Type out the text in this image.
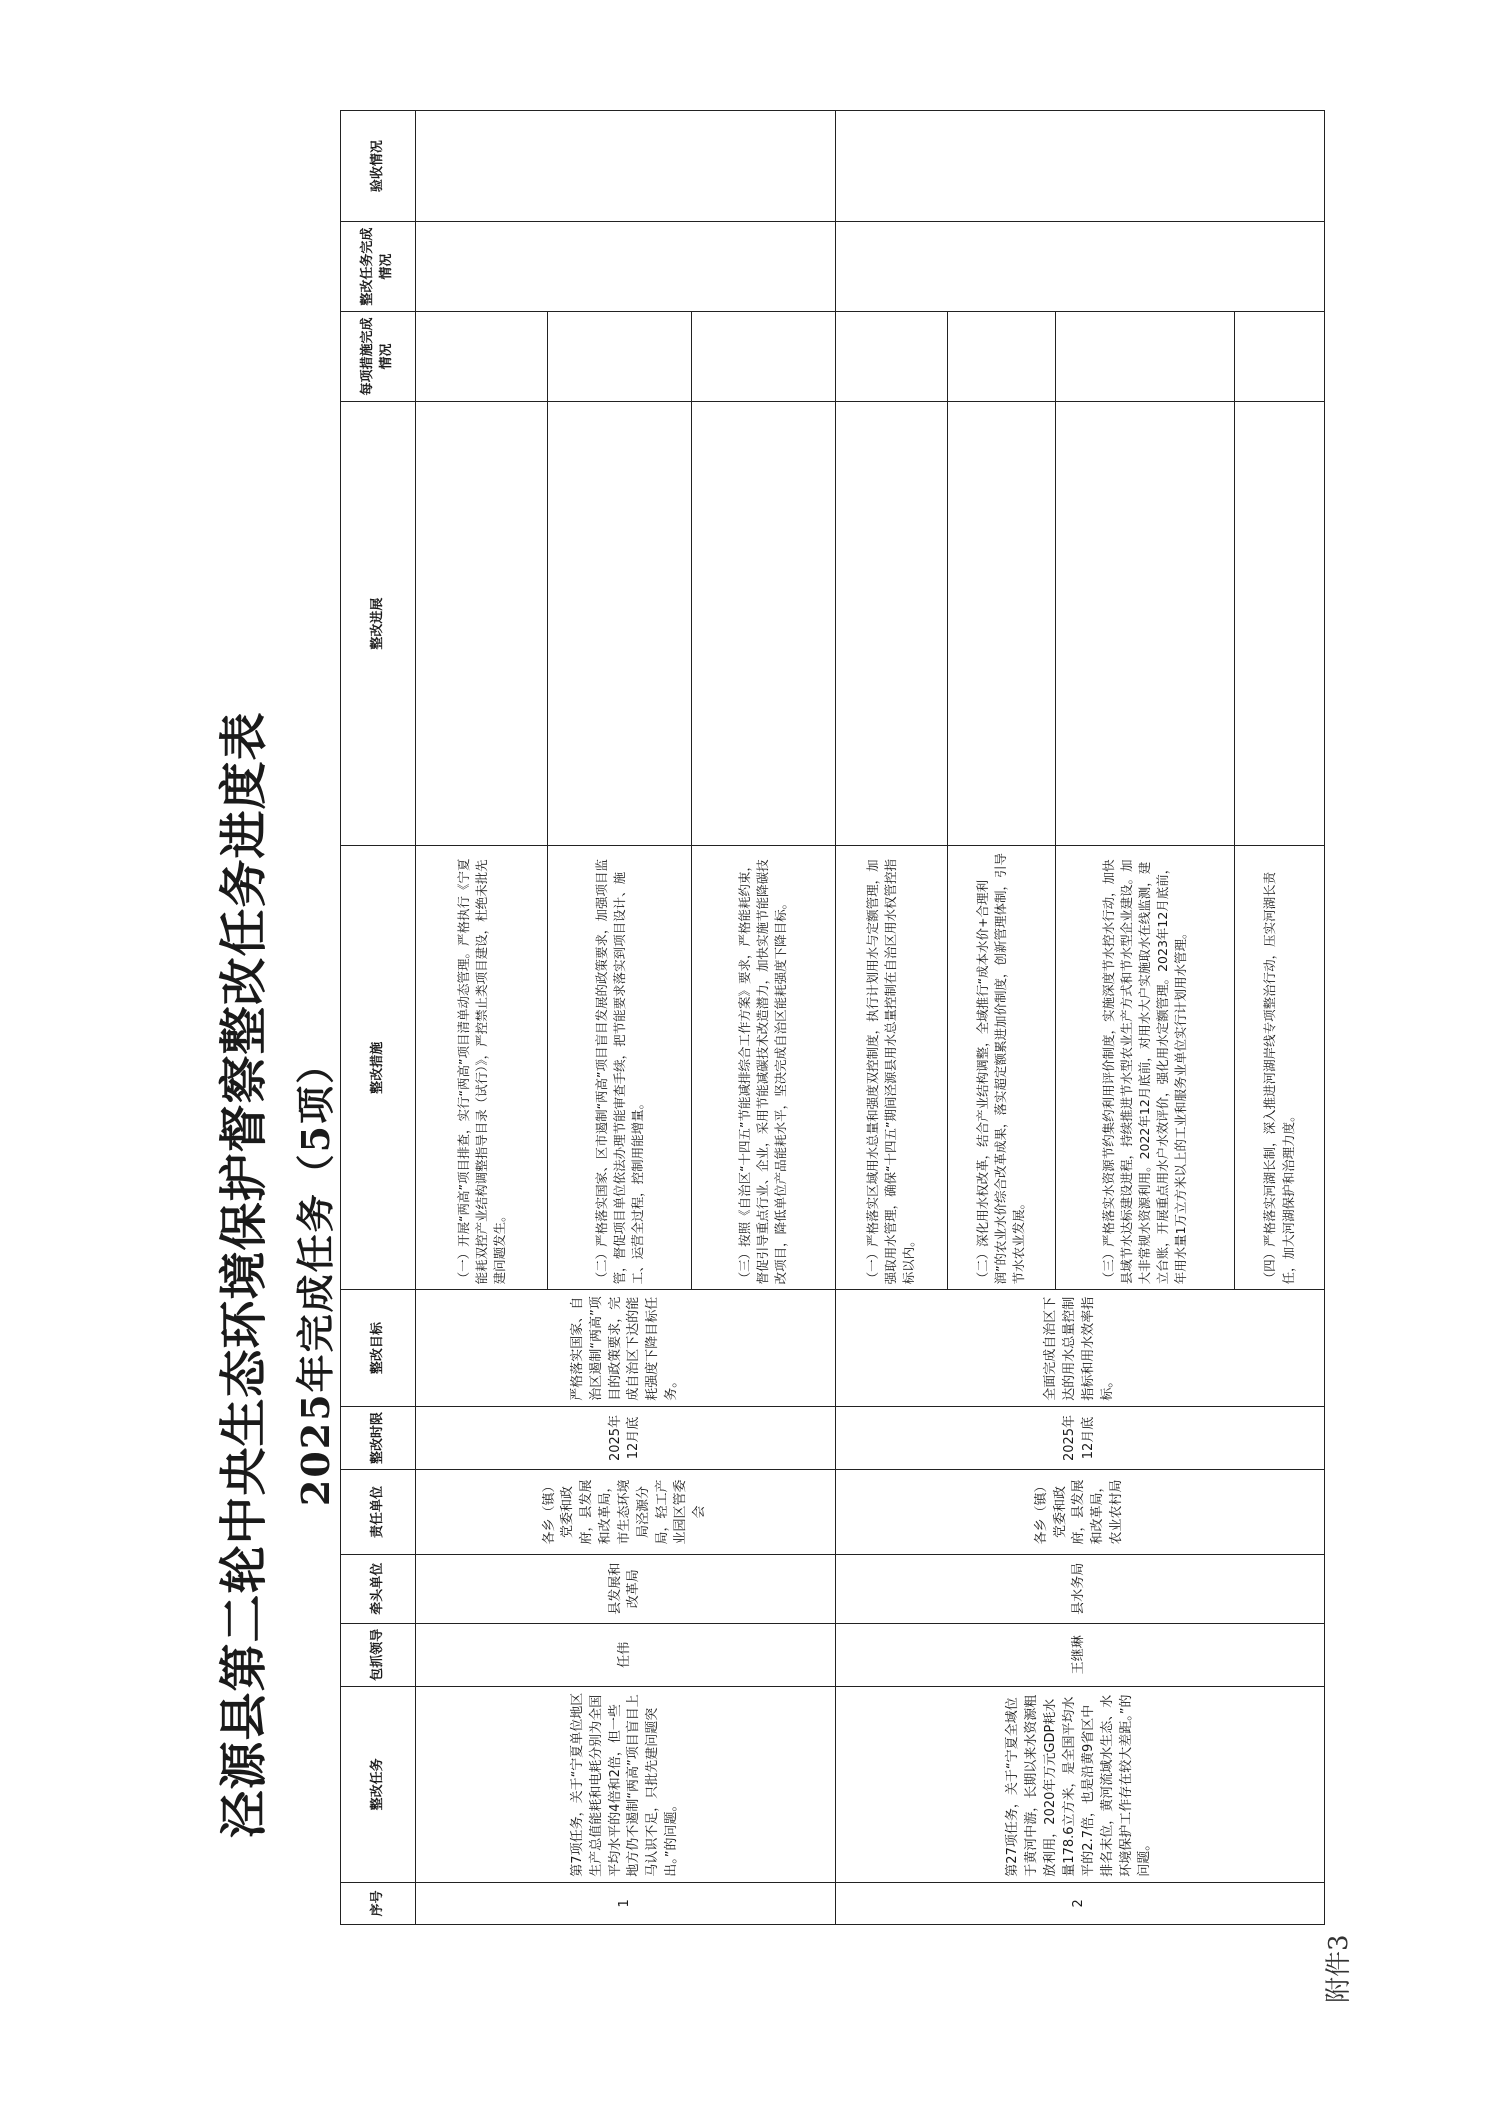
附件3
泾源县第二轮中央生态环境保护督察整改任务进度表 2025年完成任务（5项）
序号	整改任务	包抓领导	牵头单位	责任单位	整改时限	整改目标	整改措施	整改进展	每项措施完成情况	整改任务完成情况	验收情况
1	第7项任务，关于“宁夏单位地区生产总值能耗和电耗分别为全国平均水平的4倍和2倍，但一些地方仍不遏制“两高”项目盲目上马认识不足，只批先建问题突出。”的问题。	任伟	县发展和改革局	各乡（镇）党委和政府，县发展和改革局，市生态环境局泾源分局，轻工产业园区管委会	2025年12月底	严格落实国家、自治区遏制“两高”项目的政策要求，完成自治区下达的能耗强度下降目标任务。	（一）开展“两高”项目排查，实行“两高”项目清单动态管理。严格执行《宁夏能耗双控产业结构调整指导目录（试行）》，严控禁止类项目建设，杜绝未批先建问题发生。				
							（二）严格落实国家、区市遏制“两高”项目盲目发展的政策要求，加强项目监管，督促项目单位依法办理节能审查手续，把节能要求落实到项目设计、施工、运营全过程，控制用能增量。				
							（三）按照《自治区“十四五”节能减排综合工作方案》要求，严格能耗约束，督促引导重点行业、企业，采用节能减碳技术改造潜力，加快实施节能降碳技改项目，降低单位产品能耗水平，坚决完成自治区能耗强度下降目标。				
2	第27项任务，关于“宁夏全域位于黄河中游，长期以来水资源粗放利用，2020年万元GDP耗水量178.6立方米，是全国平均水平的2.7倍，也是沿黄9省区中排名末位，黄河流域水生态、水环境保护工作存在较大差距。”的问题。	王继琳	县水务局	各乡（镇）党委和政府，县发展和改革局，农业农村局	2025年12月底	全面完成自治区下达的用水总量控制指标和用水效率指标。	（一）严格落实区域用水总量和强度双控制度，执行计划用水与定额管理，加强取用水管理，确保“十四五”期间泾源县用水总量控制在自治区用水权管控指标以内。				
							（二）深化用水权改革，结合产业结构调整，全域推行“成本水价+合理利润”的农业水价综合改革成果，落实超定额累进加价制度，创新管理体制，引导节水农业发展。				
							（三）严格落实水资源节约集约利用评价制度，实施深度节水控水行动，加快县域节水达标建设进程，持续推进节水型农业生产方式和节水型企业建设。加大非常规水资源利用。2022年12月底前，对用水大户实施取水在线监测，建立台账，开展重点用水户水效评价，强化用水定额管理。2023年12月底前，年用水量1万立方米以上的工业和服务业单位实行计划用水管理。				
							（四）严格落实河湖长制，深入推进河湖岸线专项整治行动，压实河湖长责任，加大河湖保护和治理力度。				
